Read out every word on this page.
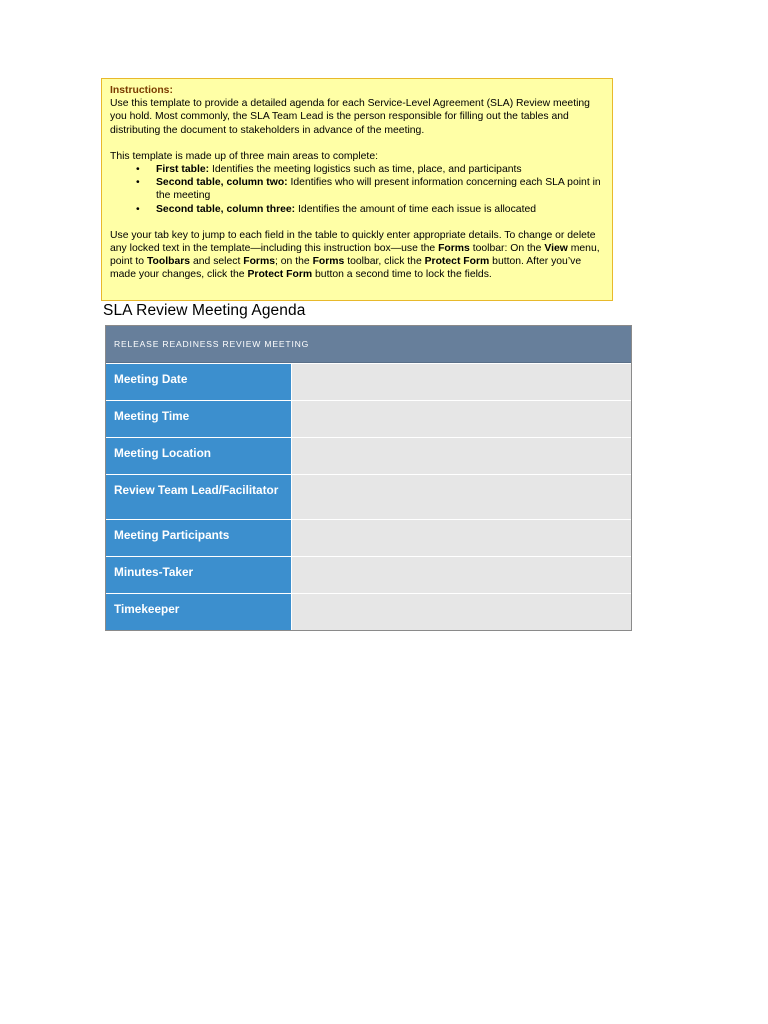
Instructions:

Use this template to provide a detailed agenda for each Service-Level Agreement (SLA) Review meeting you hold. Most commonly, the SLA Team Lead is the person responsible for filling out the tables and distributing the document to stakeholders in advance of the meeting.

This template is made up of three main areas to complete:

• First table: Identifies the meeting logistics such as time, place, and participants
• Second table, column two: Identifies who will present information concerning each SLA point in the meeting
• Second table, column three: Identifies the amount of time each issue is allocated

Use your tab key to jump to each field in the table to quickly enter appropriate details. To change or delete any locked text in the template—including this instruction box—use the Forms toolbar: On the View menu, point to Toolbars and select Forms; on the Forms toolbar, click the Protect Form button. After you’ve made your changes, click the Protect Form button a second time to lock the fields.

SLA Review Meeting Agenda
RELEASE READINESS REVIEW MEETING
Meeting Date
Meeting Time
Meeting Location
Review Team Lead/Facilitator
Meeting Participants
Minutes-Taker
Timekeeper
